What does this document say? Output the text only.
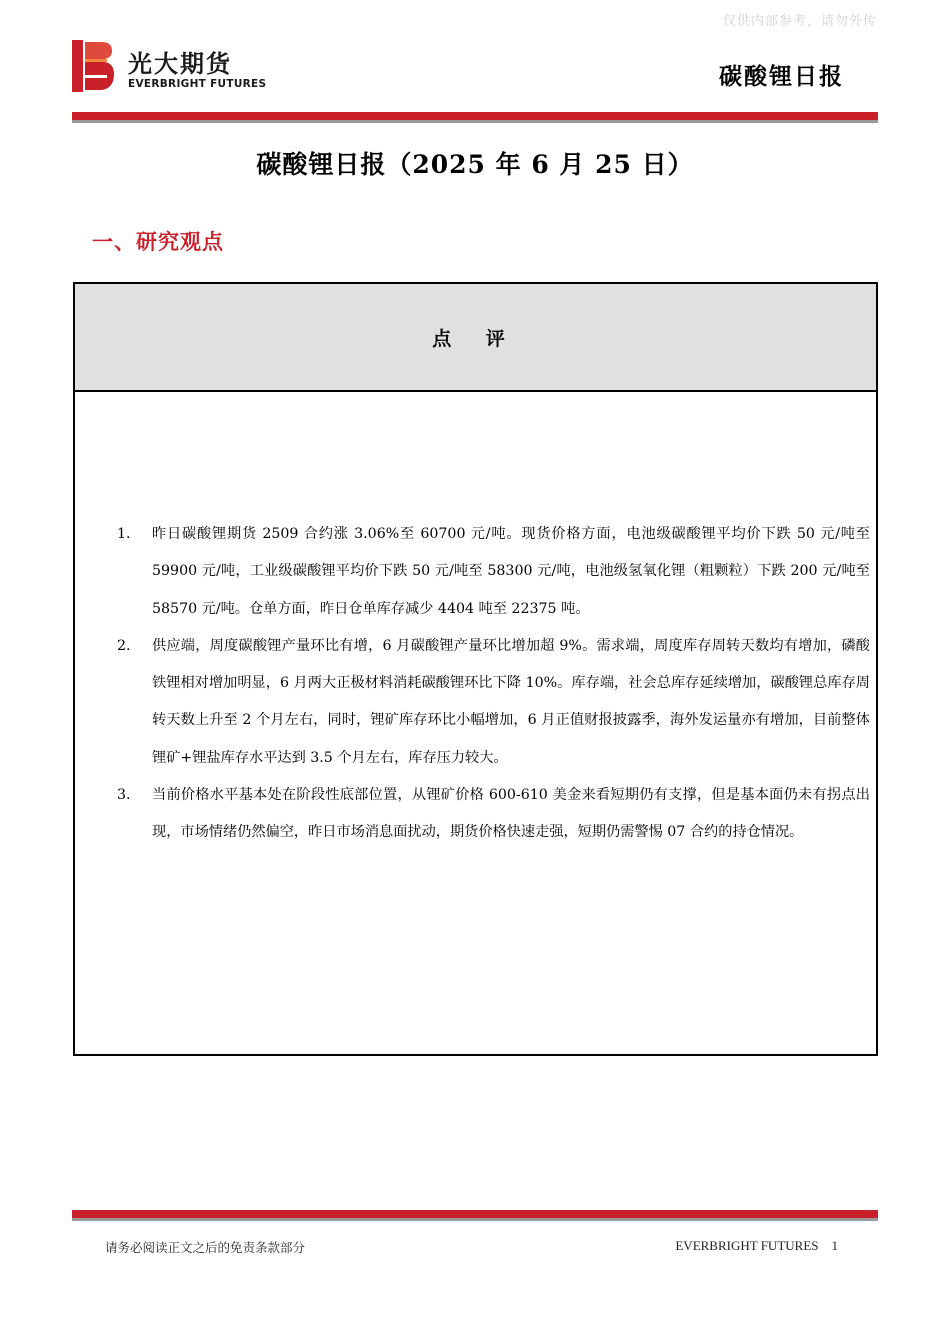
仅供内部参考，请勿外传
光大期货
EVERBRIGHT FUTURES	碳酸锂日报
碳酸锂日报（2025 年 6 月 25 日）
一、研究观点
点 评
1. 昨日碳酸锂期货 2509 合约涨 3.06%至 60700 元/吨。现货价格方面，电池级碳酸锂平均价下跌 50 元/吨至 59900 元/吨，工业级碳酸锂平均价下跌 50 元/吨至 58300 元/吨，电池级氢氧化锂（粗颗粒）下跌 200 元/吨至 58570 元/吨。仓单方面，昨日仓单库存减少 4404 吨至 22375 吨。
2. 供应端，周度碳酸锂产量环比有增，6 月碳酸锂产量环比增加超 9%。需求端，周度库存周转天数均有增加，磷酸铁锂相对增加明显，6 月两大正极材料消耗碳酸锂环比下降 10%。库存端，社会总库存延续增加，碳酸锂总库存周转天数上升至 2 个月左右，同时，锂矿库存环比小幅增加，6 月正值财报披露季，海外发运量亦有增加，目前整体锂矿+锂盐库存水平达到 3.5 个月左右，库存压力较大。
3. 当前价格水平基本处在阶段性底部位置，从锂矿价格 600-610 美金来看短期仍有支撑，但是基本面仍未有拐点出现，市场情绪仍然偏空，昨日市场消息面扰动，期货价格快速走强，短期仍需警惕 07 合约的持仓情况。
请务必阅读正文之后的免责条款部分	EVERBRIGHT FUTURES 1
